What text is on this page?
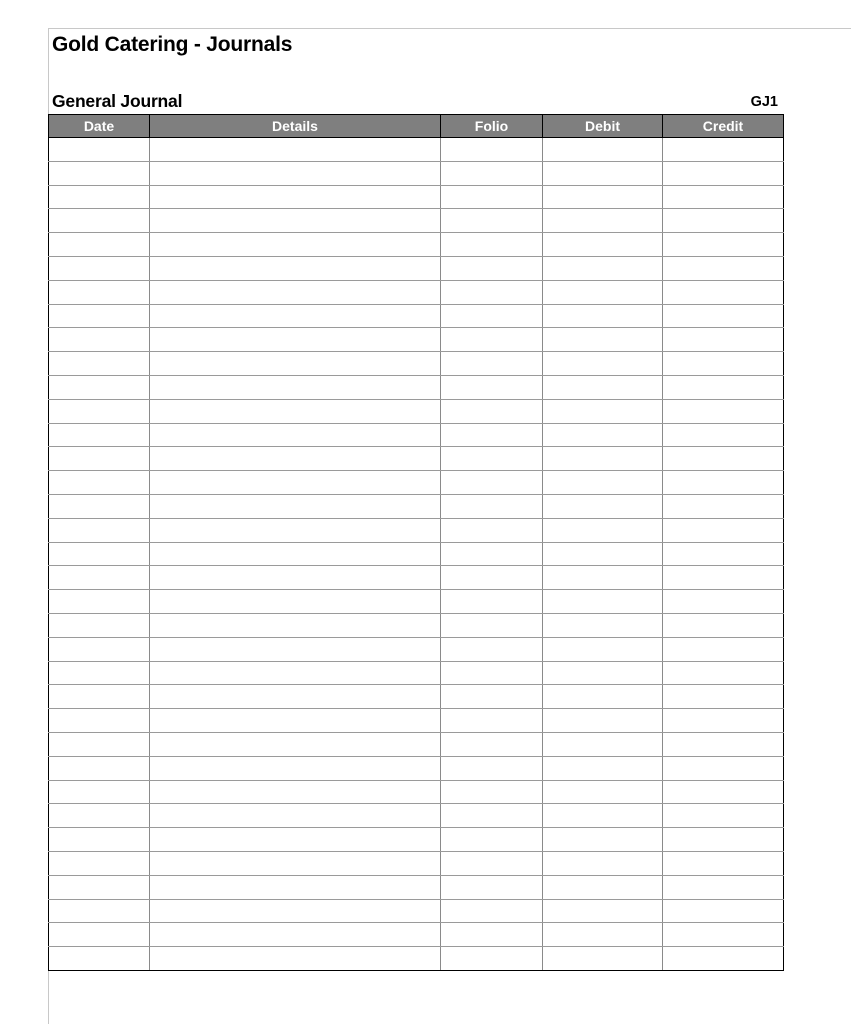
Gold Catering - Journals
General Journal	GJ1
Date	Details	Folio	Debit	Credit
